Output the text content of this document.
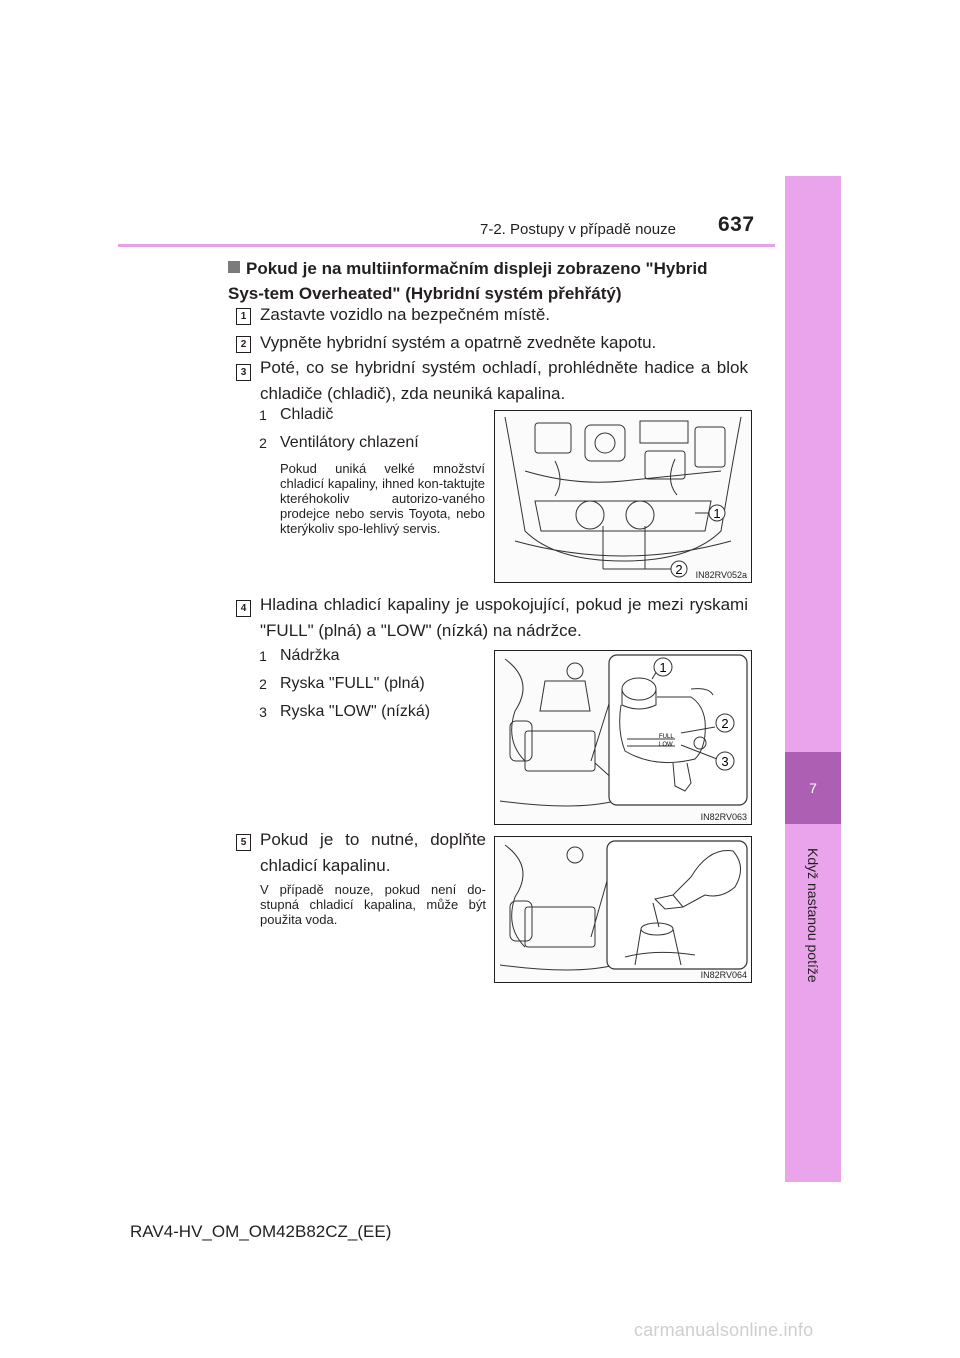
7-2. Postupy v případě nouze 637
7
Když nastanou potíže
Pokud je na multiinformačním displeji zobrazeno "Hybrid Sys-tem Overheated" (Hybridní systém přehřátý)
1 Zastavte vozidlo na bezpečném místě.
2 Vypněte hybridní systém a opatrně zvedněte kapotu.
3 Poté, co se hybridní systém ochladí, prohlédněte hadice a blok chladiče (chladič), zda neuniká kapalina.
1 Chladič
2 Ventilátory chlazení
Pokud uniká velké množství chladicí kapaliny, ihned kon-taktujte kteréhokoliv autorizo-vaného prodejce nebo servis Toyota, nebo kterýkoliv spo-lehlivý servis.
1
2 IN82RV052a
4 Hladina chladicí kapaliny je uspokojující, pokud je mezi ryskami "FULL" (plná) a "LOW" (nízká) na nádržce.
1 Nádržka
2 Ryska "FULL" (plná)
3 Ryska "LOW" (nízká)
FULL
LOW
1
2
3
IN82RV063
5 Pokud je to nutné, doplňte chladicí kapalinu.
V případě nouze, pokud není do-stupná chladicí kapalina, může být použita voda.
IN82RV064
RAV4-HV_OM_OM42B82CZ_(EE)
carmanualsonline.info
